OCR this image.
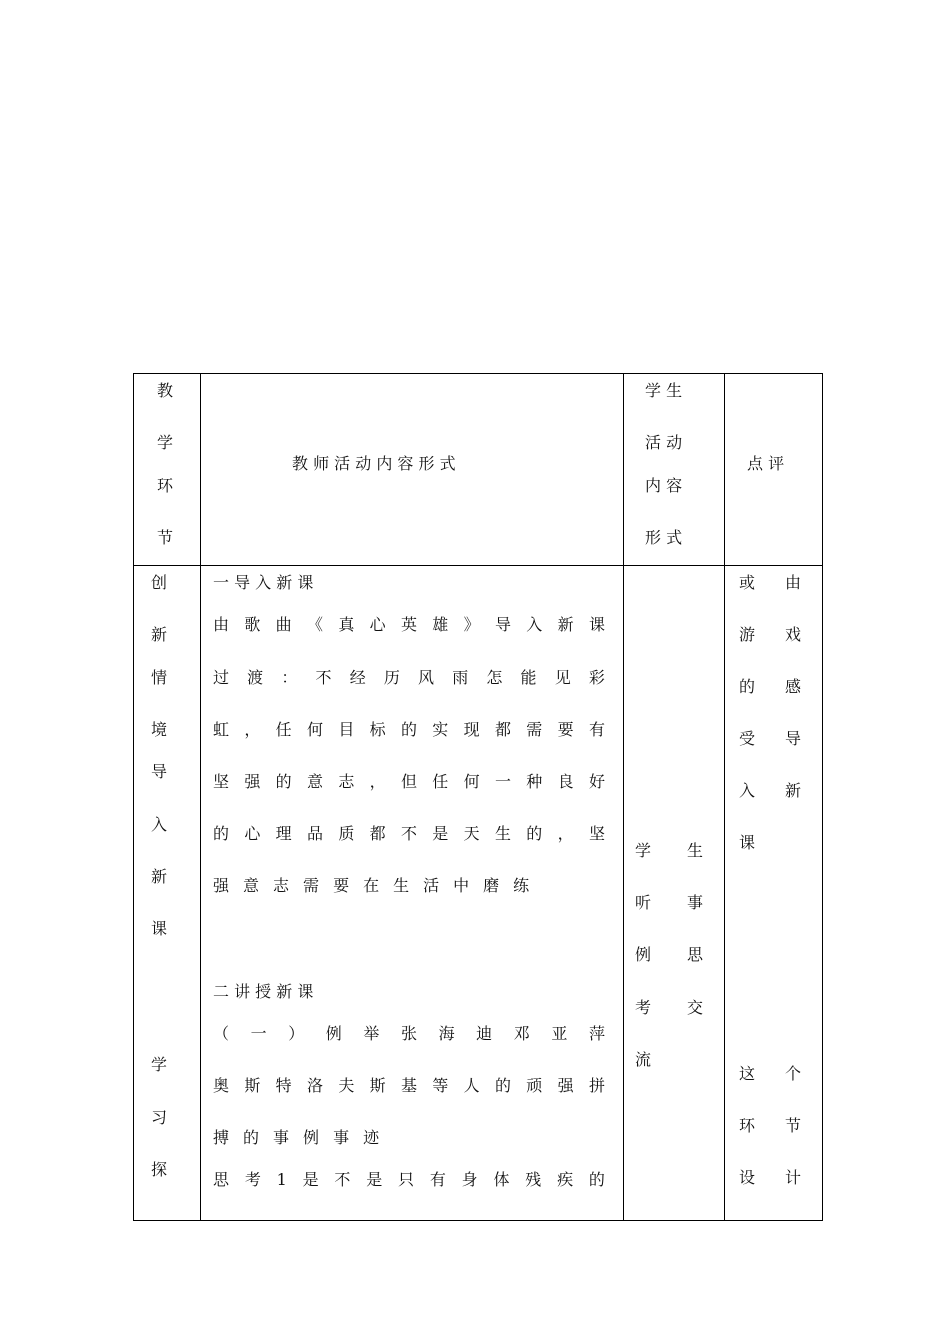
教
学
环
节
教 师 活 动 内 容 形 式
学 生
活 动
内 容
形 式
点 评
创
新
情
境
导
入
新
课
学
习
探
一 导 入 新 课
由 歌 曲 《 真 心 英 雄 》 导 入 新 课
过 渡 ： 不 经 历 风 雨 怎 能 见 彩
虹 ， 任 何 目 标 的 实 现 都 需 要 有
坚 强 的 意 志 ， 但 任 何 一 种 良 好
的 心 理 品 质 都 不 是 天 生 的 ， 坚
强 意 志 需 要 在 生 活 中 磨 练
二 讲 授 新 课
（ 一 ） 例 举 张 海 迪 邓 亚 萍
奥 斯 特 洛 夫 斯 基 等 人 的 顽 强 拼
搏 的 事 例 事 迹
思 考 1 是 不 是 只 有 身 体 残 疾 的
学 生
听 事
例 思
考 交
流
或 由
游 戏
的 感
受 导
入 新
课
这 个
环 节
设 计
